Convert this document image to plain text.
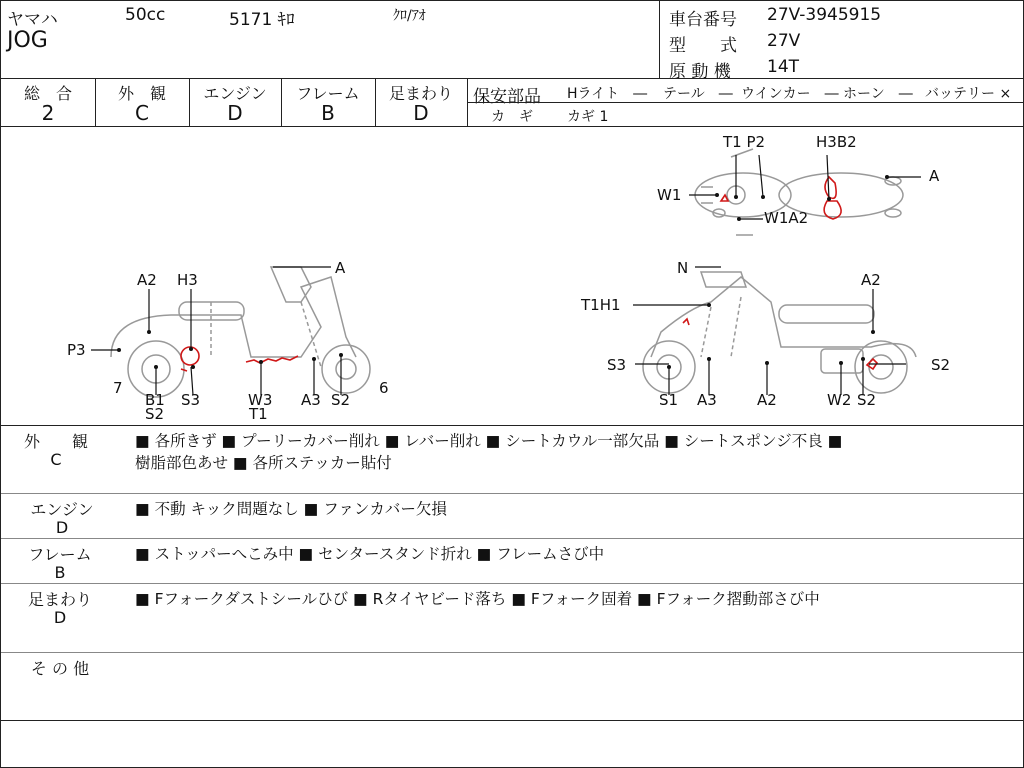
ヤマハ	50cc	5171 ｷﾛ	ｸﾛ/ｱｵ
JOG
車台番号 27V-3945915
型　　式 27V
原 動 機 14T
総　合
2
外　観
C
エンジン
D
フレーム
B
足まわり
D
保安部品 Hライト　― テール　― ウインカー　― ホーン　― バッテリー ×
カ　ギ カギ 1
T1 P2	H3B2
A
W1
W1A2
A
A2 H3
P3
7
B1
S2
S3	W3
T1
A3 S2
6
N
A2
T1H1
S3	S2
S1 A3	A2	W2 S2
外　　観
C
■ 各所きず ■ プーリーカバー削れ ■ レバー削れ ■ シートカウル一部欠品 ■ シートスポンジ不良 ■
樹脂部色あせ ■ 各所ステッカー貼付
エンジン
D
■ 不動 キック問題なし ■ ファンカバー欠損
フレーム
B
■ ストッパーへこみ中 ■ センタースタンド折れ ■ フレームさび中
足まわり
D
■ Fフォークダストシールひび ■ Rタイヤビード落ち ■ Fフォーク固着 ■ Fフォーク摺動部さび中
そ の 他
